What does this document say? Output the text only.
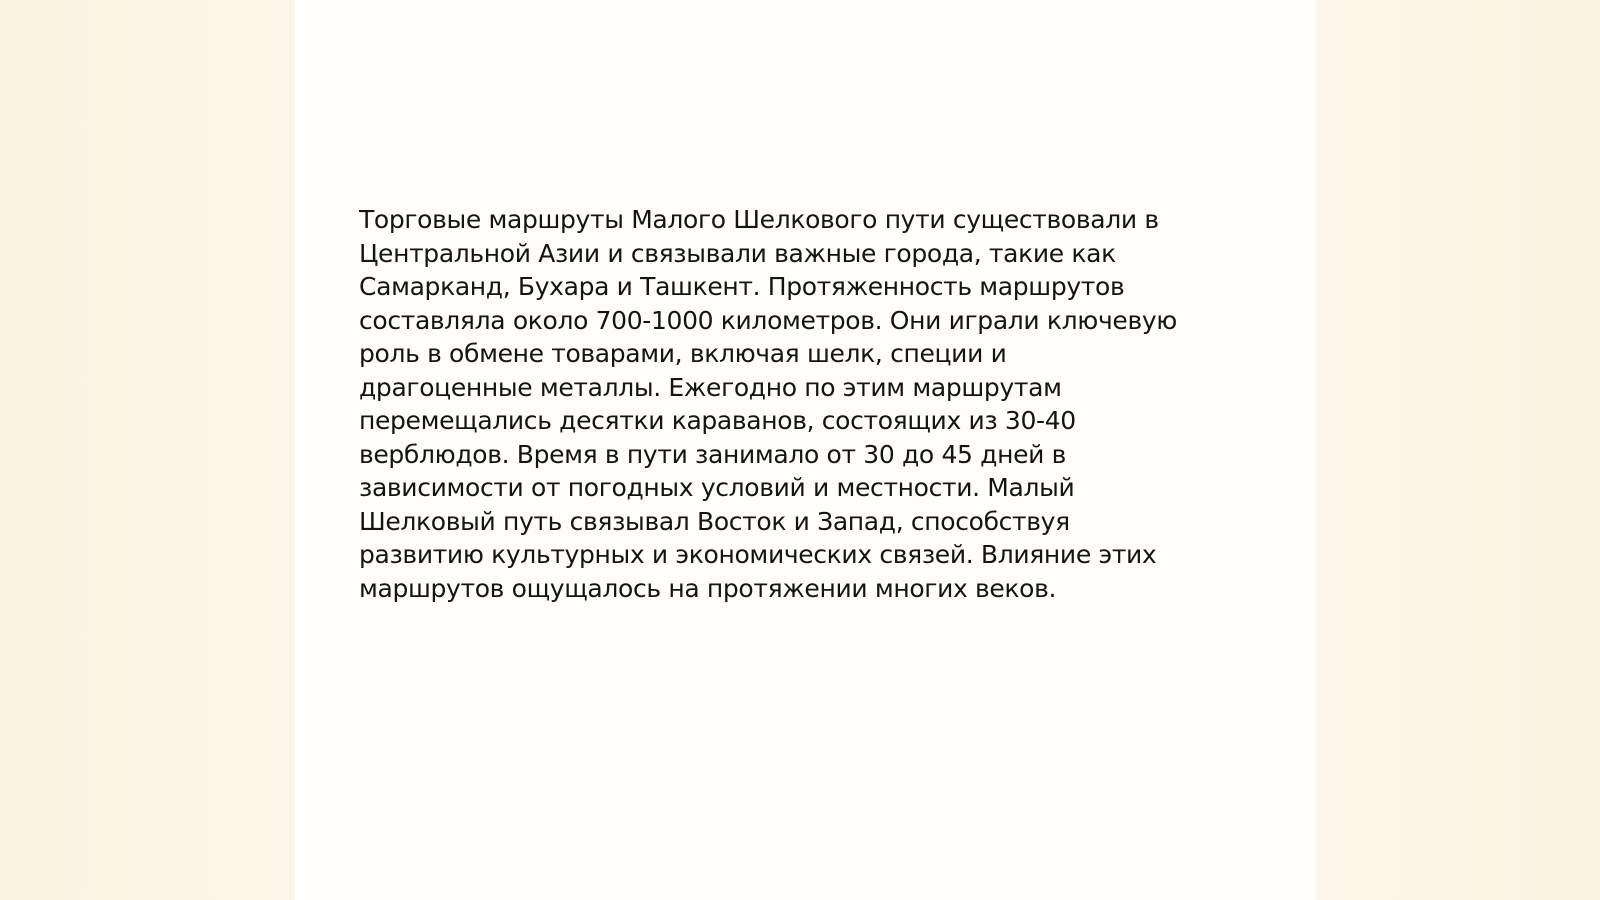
Торговые маршруты Малого Шелкового пути существовали в
Центральной Азии и связывали важные города, такие как
Самарканд, Бухара и Ташкент. Протяженность маршрутов
составляла около 700-1000 километров. Они играли ключевую
роль в обмене товарами, включая шелк, специи и
драгоценные металлы. Ежегодно по этим маршрутам
перемещались десятки караванов, состоящих из 30-40
верблюдов. Время в пути занимало от 30 до 45 дней в
зависимости от погодных условий и местности. Малый
Шелковый путь связывал Восток и Запад, способствуя
развитию культурных и экономических связей. Влияние этих
маршрутов ощущалось на протяжении многих веков.
